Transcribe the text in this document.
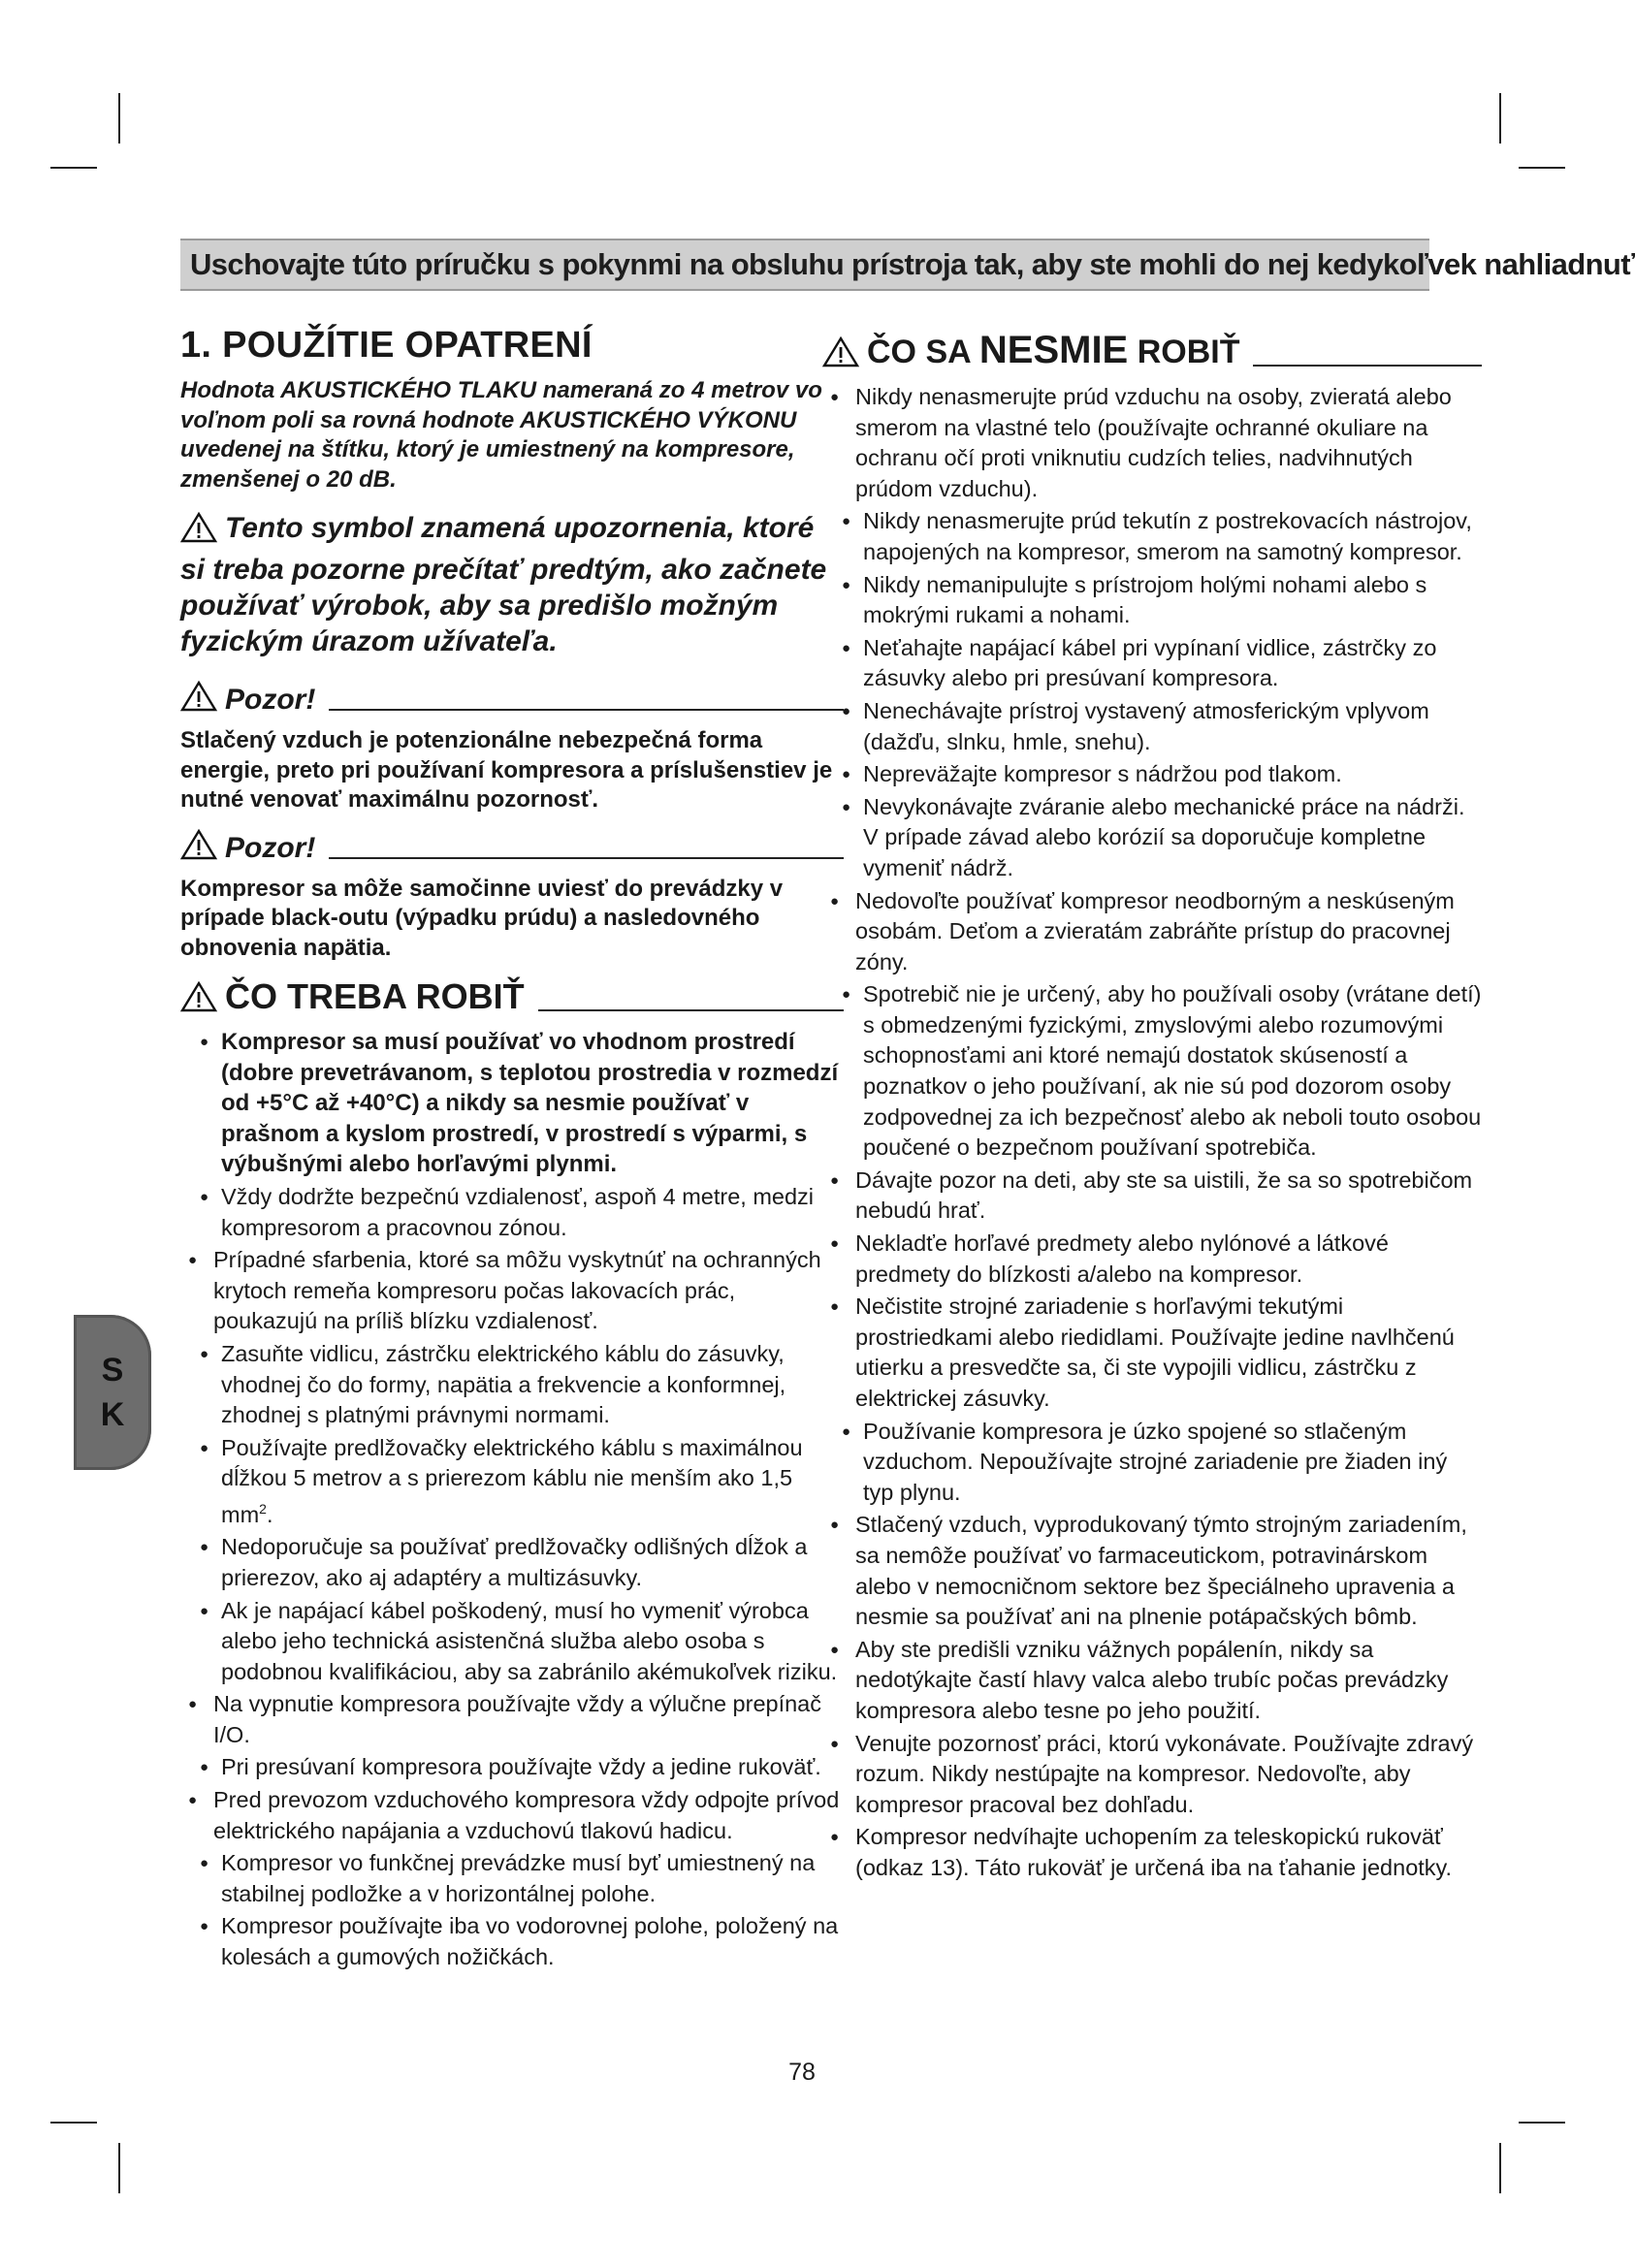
Uschovajte túto príručku s pokynmi na obsluhu prístroja tak, aby ste mohli do nej kedykoľvek nahliadnuť
1. POUŽÍTIE OPATRENÍ

Hodnota AKUSTICKÉHO TLAKU nameraná zo 4 metrov vo voľnom poli sa rovná hodnote AKUSTICKÉHO VÝKONU uvedenej na štítku, ktorý je umiestnený na kompresore, zmenšenej o 20 dB.

Tento symbol znamená upozornenia, ktoré si treba pozorne prečítať predtým, ako začnete používať výrobok, aby sa predišlo možným fyzickým úrazom užívateľa.

Pozor!

Stlačený vzduch je potenzionálne nebezpečná forma energie, preto pri používaní kompresora a príslušenstiev je nutné venovať maximálnu pozornosť.

Pozor!

Kompresor sa môže samočinne uviesť do prevádzky v prípade black-outu (výpadku prúdu) a nasledovného obnovenia napätia.

ČO TREBA ROBIŤ
● Kompresor sa musí používať vo vhodnom prostredí (dobre prevetrávanom, s teplotou prostredia v rozmedzí od +5°C až +40°C) a nikdy sa nesmie používať v prašnom a kyslom prostredí, v prostredí s výparmi, s výbušnými alebo horľavými plynmi.
● Vždy dodržte bezpečnú vzdialenosť, aspoň 4 metre, medzi kompresorom a pracovnou zónou.
● Prípadné sfarbenia, ktoré sa môžu vyskytnúť na ochranných krytoch remeňa kompresoru počas lakovacích prác, poukazujú na príliš blízku vzdialenosť.
● Zasuňte vidlicu, zástrčku elektrického káblu do zásuvky, vhodnej čo do formy, napätia a frekvencie a konformnej, zhodnej s platnými právnymi normami.
● Používajte predlžovačky elektrického káblu s maximálnou dĺžkou 5 metrov a s prierezom káblu nie menším ako 1,5 $mm^2$.
● Nedoporučuje sa používať predlžovačky odlišných dĺžok a prierezov, ako aj adaptéry a multizásuvky.
● Ak je napájací kábel poškodený, musí ho vymeniť výrobca alebo jeho technická asistenčná služba alebo osoba s podobnou kvalifikáciou, aby sa zabránilo akémukoľvek riziku.
● Na vypnutie kompresora používajte vždy a výlučne prepínač I/O.
● Pri presúvaní kompresora používajte vždy a jedine rukoväť.
● Pred prevozom vzduchového kompresora vždy odpojte prívod elektrického napájania a vzduchovú tlakovú hadicu.
● Kompresor vo funkčnej prevádzke musí byť umiestnený na stabilnej podložke a v horizontálnej polohe.
● Kompresor používajte iba vo vodorovnej polohe, položený na kolesách a gumových nožičkách.
ČO SA NESMIE ROBIŤ
● Nikdy nenasmerujte prúd vzduchu na osoby, zvieratá alebo smerom na vlastné telo (používajte ochranné okuliare na ochranu očí proti vniknutiu cudzích telies, nadvihnutých prúdom vzduchu).
● Nikdy nenasmerujte prúd tekutín z postrekovacích nástrojov, napojených na kompresor, smerom na samotný kompresor.
● Nikdy nemanipulujte s prístrojom holými nohami alebo s mokrými rukami a nohami.
● Neťahajte napájací kábel pri vypínaní vidlice, zástrčky zo zásuvky alebo pri presúvaní kompresora.
● Nenechávajte prístroj vystavený atmosferickým vplyvom (dažďu, slnku, hmle, snehu).
● Nepreväžajte kompresor s nádržou pod tlakom.
● Nevykonávajte zváranie alebo mechanické práce na nádrži. V prípade závad alebo korózií sa doporučuje kompletne vymeniť nádrž.
● Nedovoľte používať kompresor neodborným a neskúseným osobám. Deťom a zvieratám zabráňte prístup do pracovnej zóny.
● Spotrebič nie je určený, aby ho používali osoby (vrátane detí) s obmedzenými fyzickými, zmyslovými alebo rozumovými schopnosťami ani ktoré nemajú dostatok skúseností a poznatkov o jeho používaní, ak nie sú pod dozorom osoby zodpovednej za ich bezpečnosť alebo ak neboli touto osobou poučené o bezpečnom používaní spotrebiča.
● Dávajte pozor na deti, aby ste sa uistili, že sa so spotrebičom nebudú hrať.
● Nekladťe horľavé predmety alebo nylónové a látkové predmety do blízkosti a/alebo na kompresor.
● Nečistite strojné zariadenie s horľavými tekutými prostriedkami alebo riedidlami. Používajte jedine navlhčenú utierku a presvedčte sa, či ste vypojili vidlicu, zástrčku z elektrickej zásuvky.
● Používanie kompresora je úzko spojené so stlačeným vzduchom. Nepoužívajte strojné zariadenie pre žiaden iný typ plynu.
● Stlačený vzduch, vyprodukovaný týmto strojným zariadením, sa nemôže používať vo farmaceutickom, potravinárskom alebo v nemocničnom sektore bez špeciálneho upravenia a nesmie sa používať ani na plnenie potápačských bômb.
● Aby ste predišli vzniku vážnych popálenín, nikdy sa nedotýkajte častí hlavy valca alebo trubíc počas prevádzky kompresora alebo tesne po jeho použití.
● Venujte pozornosť práci, ktorú vykonávate. Používajte zdravý rozum. Nikdy nestúpajte na kompresor. Nedovoľte, aby kompresor pracoval bez dohľadu.
● Kompresor nedvíhajte uchopením za teleskopickú rukoväť (odkaz 13). Táto rukoväť je určená iba na ťahanie jednotky.
S
K
78
